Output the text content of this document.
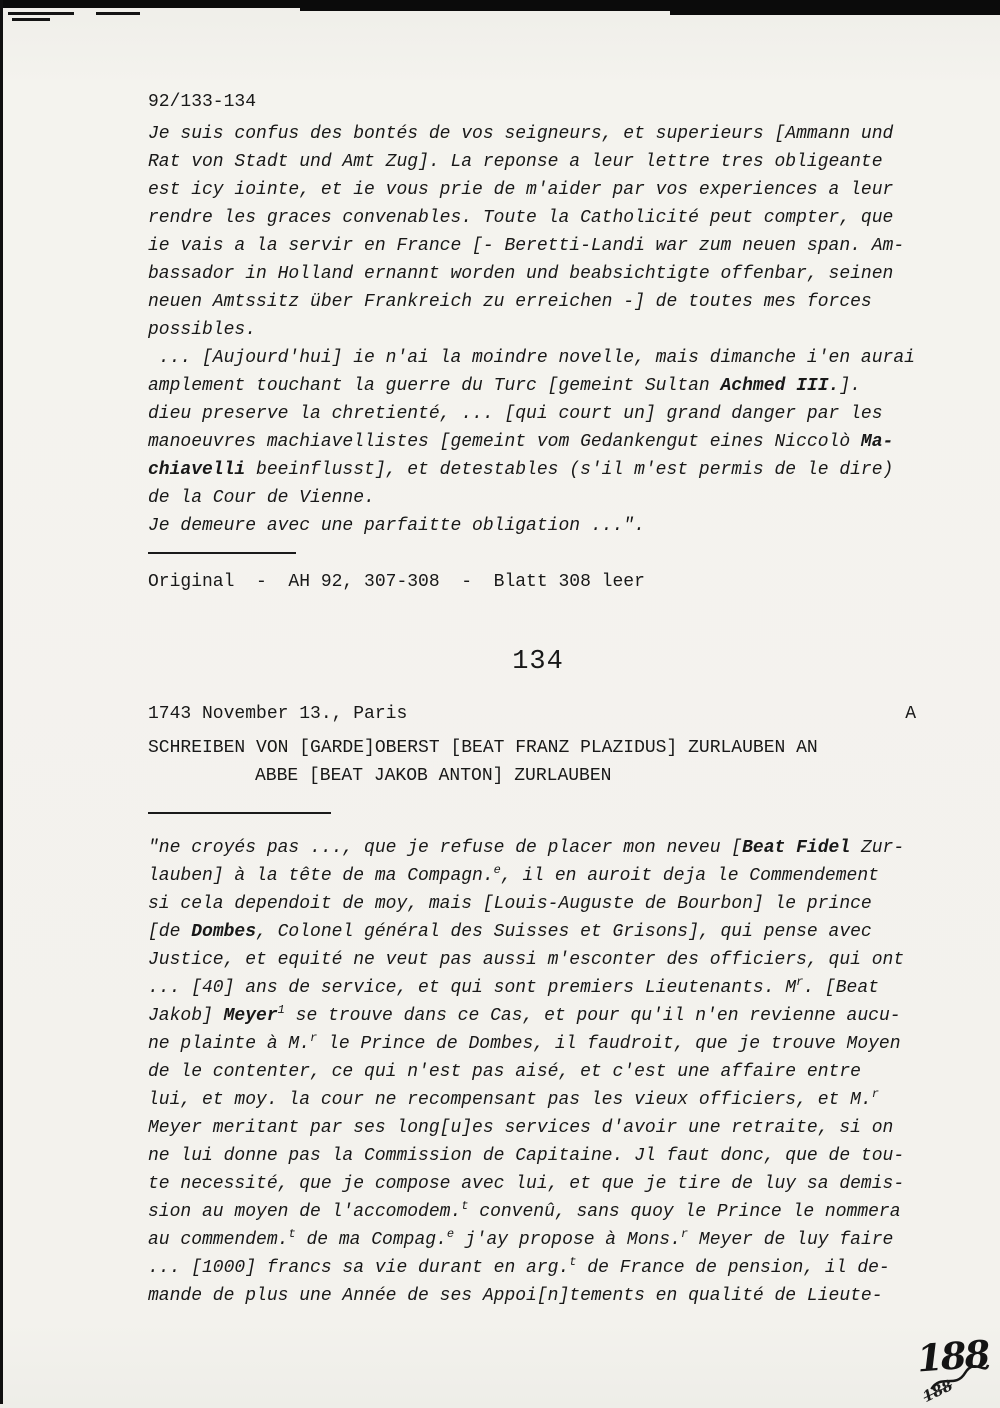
92/133-134
Je suis confus des bontés de vos seigneurs, et superieurs [Ammann und
Rat von Stadt und Amt Zug]. La reponse a leur lettre tres obligeante
est icy iointe, et ie vous prie de m'aider par vos experiences a leur
rendre les graces convenables. Toute la Catholicité peut compter, que
ie vais a la servir en France [- Beretti-Landi war zum neuen span. Am-
bassador in Holland ernannt worden und beabsichtigte offenbar, seinen
neuen Amtssitz über Frankreich zu erreichen -] de toutes mes forces
possibles.
... [Aujourd'hui] ie n'ai la moindre novelle, mais dimanche i'en aurai
amplement touchant la guerre du Turc [gemeint Sultan Achmed III.].
dieu preserve la chretienté, ... [qui court un] grand danger par les
manoeuvres machiavellistes [gemeint vom Gedankengut eines Niccolò Ma-
chiavelli beeinflusst], et detestables (s'il m'est permis de le dire)
de la Cour de Vienne.
Je demeure avec une parfaitte obligation ...".
Original  -  AH 92, 307-308  -  Blatt 308 leer
134
1743 November 13., Paris	A
SCHREIBEN VON [GARDE]OBERST [BEAT FRANZ PLAZIDUS] ZURLAUBEN AN
ABBE [BEAT JAKOB ANTON] ZURLAUBEN
"ne croyés pas ..., que je refuse de placer mon neveu [Beat Fidel Zur-
lauben] à la tête de ma Compagn.$^e$, il en auroit deja le Commendement
si cela dependoit de moy, mais [Louis-Auguste de Bourbon] le prince
[de Dombes, Colonel général des Suisses et Grisons], qui pense avec
Justice, et equité ne veut pas aussi m'esconter des officiers, qui ont
... [40] ans de service, et qui sont premiers Lieutenants. $M^r$. [Beat
Jakob] Meyer$^1$ se trouve dans ce Cas, et pour qu'il n'en revienne aucu-
ne plainte à M.$^r$ le Prince de Dombes, il faudroit, que je trouve Moyen
de le contenter, ce qui n'est pas aisé, et c'est une affaire entre
lui, et moy. la cour ne recompensant pas les vieux officiers, et M.$^r$
Meyer meritant par ses long[u]es services d'avoir une retraite, si on
ne lui donne pas la Commission de Capitaine. Jl faut donc, que de tou-
te necessité, que je compose avec lui, et que je tire de luy sa demis-
sion au moyen de l'accomodem.$^t$ convenû, sans quoy le Prince le nommera
au commendem.$^t$ de ma Compag.$^e$ j'ay propose à Mons.$^r$ Meyer de luy faire
... [1000] francs sa vie durant en arg.$^t$ de France de pension, il de-
mande de plus une Année de ses Appoi[n]tements en qualité de Lieute-
188
188
